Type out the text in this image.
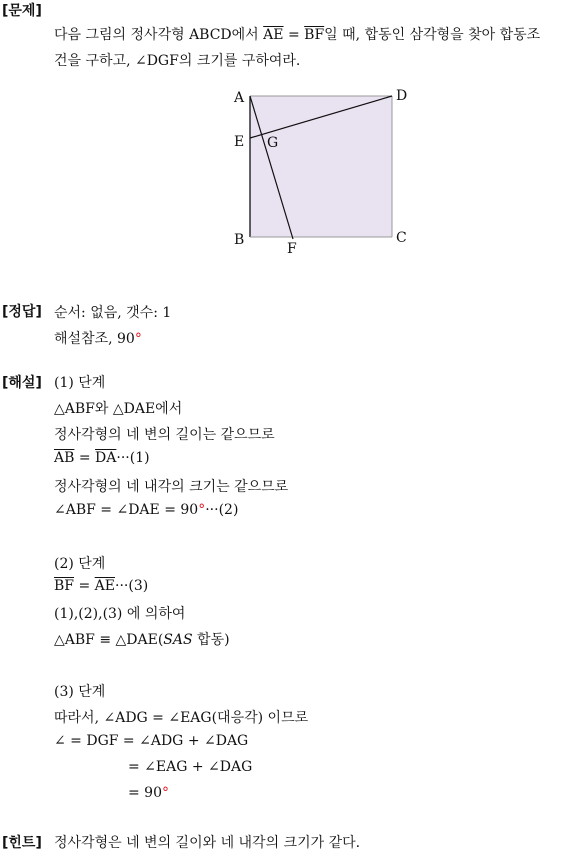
[문제]
다음 그림의 정사각형 ABCD에서 $\overline{AE} = \overline{BF}$일 때, 합동인 삼각형을 찾아 합동조
건을 구하고, ∠DGF의 크기를 구하여라.
A
B	C
D
E
F
G
[정답] 순서: 없음, 갯수: 1
해설참조, 90°
[해설] (1) 단계
△ABF와 △DAE에서
정사각형의 네 변의 길이는 같으므로
$\overline{AB} = \overline{DA}\cdot\cdot\cdot(1)$
정사각형의 네 내각의 크기는 같으므로
∠ABF = ∠DAE = 90°···(2)
(2) 단계
$\overline{BF} = \overline{AE}\cdot\cdot\cdot(3)$
(1),(2),(3) 에 의하여
△ABF ≡ △DAE(SAS 합동)
(3) 단계
따라서, ∠ADG = ∠EAG(대응각) 이므로
∠ = DGF = ∠ADG + ∠DAG
= ∠EAG + ∠DAG
= 90°
[힌트] 정사각형은 네 변의 길이와 네 내각의 크기가 같다.
